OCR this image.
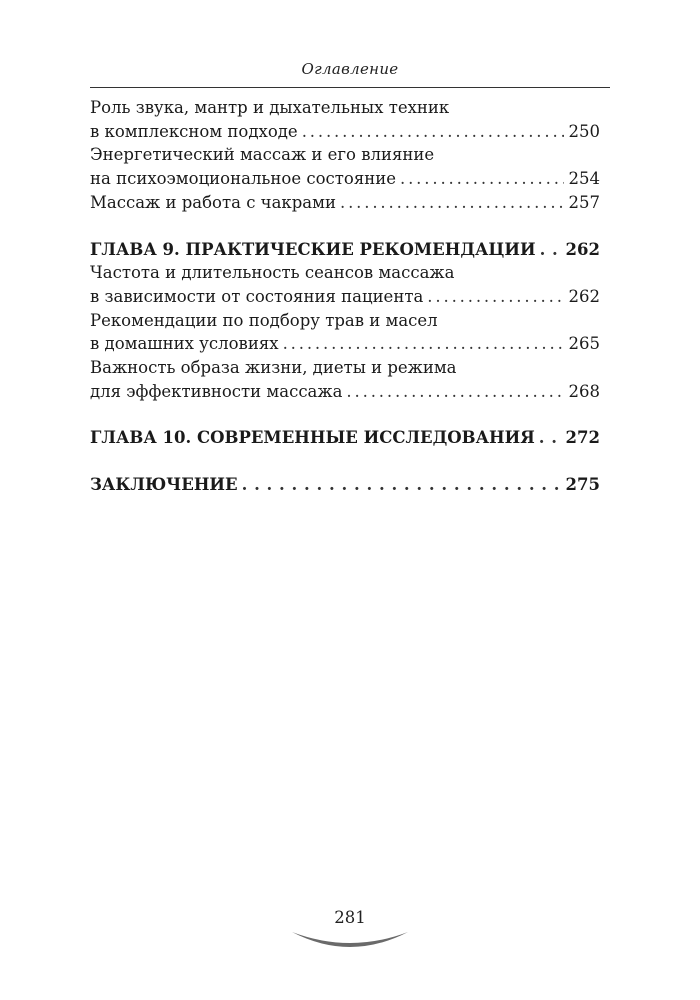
Оглавление
Роль звука, мантр и дыхательных техник
в комплексном подходе . . .	250
Энергетический массаж и его влияние
на психоэмоциональное состояние . . .	254
Массаж и работа с чакрами . . .	257
ГЛАВА 9. ПРАКТИЧЕСКИЕ РЕКОМЕНДАЦИИ . . . 262
Частота и длительность сеансов массажа
в зависимости от состояния пациента . . .	262
Рекомендации по подбору трав и масел
в домашних условиях . . .	265
Важность образа жизни, диеты и режима
для эффективности массажа . . .	268
ГЛАВА 10. СОВРЕМЕННЫЕ ИССЛЕДОВАНИЯ . . . 272
ЗАКЛЮЧЕНИЕ . . .	275
281
